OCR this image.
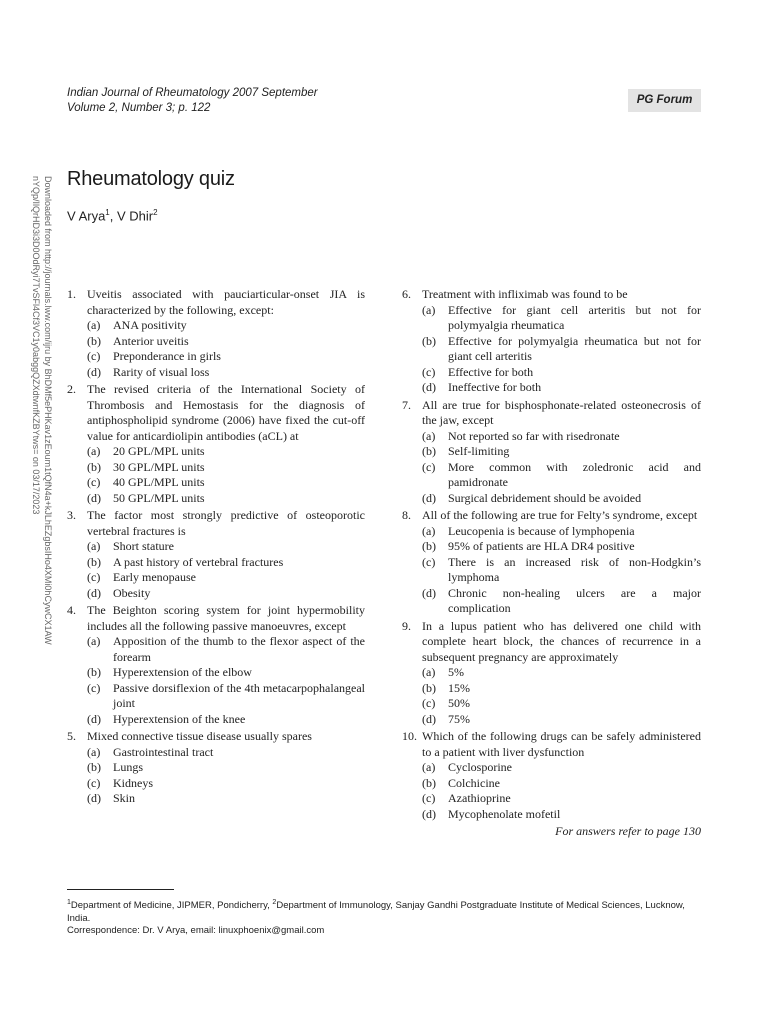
Indian Journal of Rheumatology 2007 September
Volume 2, Number 3; p. 122
PG Forum
Downloaded from http://journals.lww.com/ijru by BhDMf5ePHKav1zEoum1tQfN4a+kJLhEZgbsIHo4XMi0hCywCX1AW
nYQp/IlQrHD3i3D0OdRyi7TvSFl4Cf3VC1y0abggQZXdtwnfKZBYtws= on 03/17/2023 Rheumatology quiz
V Arya$^1$, V Dhir$^2$
1. Uveitis associated with pauciarticular-onset JIA is characterized by the following, except:
(a) ANA positivity
(b) Anterior uveitis
(c) Preponderance in girls
(d) Rarity of visual loss
2. The revised criteria of the International Society of Thrombosis and Hemostasis for the diagnosis of antiphospholipid syndrome (2006) have fixed the cut-off value for anticardiolipin antibodies (aCL) at
(a) 20 GPL/MPL units
(b) 30 GPL/MPL units
(c) 40 GPL/MPL units
(d) 50 GPL/MPL units
3. The factor most strongly predictive of osteoporotic vertebral fractures is
(a) Short stature
(b) A past history of vertebral fractures
(c) Early menopause
(d) Obesity
4. The Beighton scoring system for joint hypermobility includes all the following passive manoeuvres, except
(a) Apposition of the thumb to the flexor aspect of the forearm
(b) Hyperextension of the elbow
(c) Passive dorsiflexion of the 4th metacarpophalangeal joint
(d) Hyperextension of the knee
5. Mixed connective tissue disease usually spares
(a) Gastrointestinal tract
(b) Lungs
(c) Kidneys
(d) Skin
6. Treatment with infliximab was found to be
(a) Effective for giant cell arteritis but not for polymyalgia rheumatica
(b) Effective for polymyalgia rheumatica but not for giant cell arteritis
(c) Effective for both
(d) Ineffective for both
7. All are true for bisphosphonate-related osteonecrosis of the jaw, except
(a) Not reported so far with risedronate
(b) Self-limiting
(c) More common with zoledronic acid and pamidronate
(d) Surgical debridement should be avoided
8. All of the following are true for Felty’s syndrome, except
(a) Leucopenia is because of lymphopenia
(b) 95% of patients are HLA DR4 positive
(c) There is an increased risk of non-Hodgkin’s lymphoma
(d) Chronic non-healing ulcers are a major complication
9. In a lupus patient who has delivered one child with complete heart block, the chances of recurrence in a subsequent pregnancy are approximately
(a) 5%
(b) 15%
(c) 50%
(d) 75%
10. Which of the following drugs can be safely administered to a patient with liver dysfunction
(a) Cyclosporine
(b) Colchicine
(c) Azathioprine
(d) Mycophenolate mofetil
For answers refer to page 130
$^1$Department of Medicine, JIPMER, Pondicherry, $^2$Department of Immunology, Sanjay Gandhi Postgraduate Institute of Medical Sciences, Lucknow, India.
Correspondence: Dr. V Arya, email: linuxphoenix@gmail.com
